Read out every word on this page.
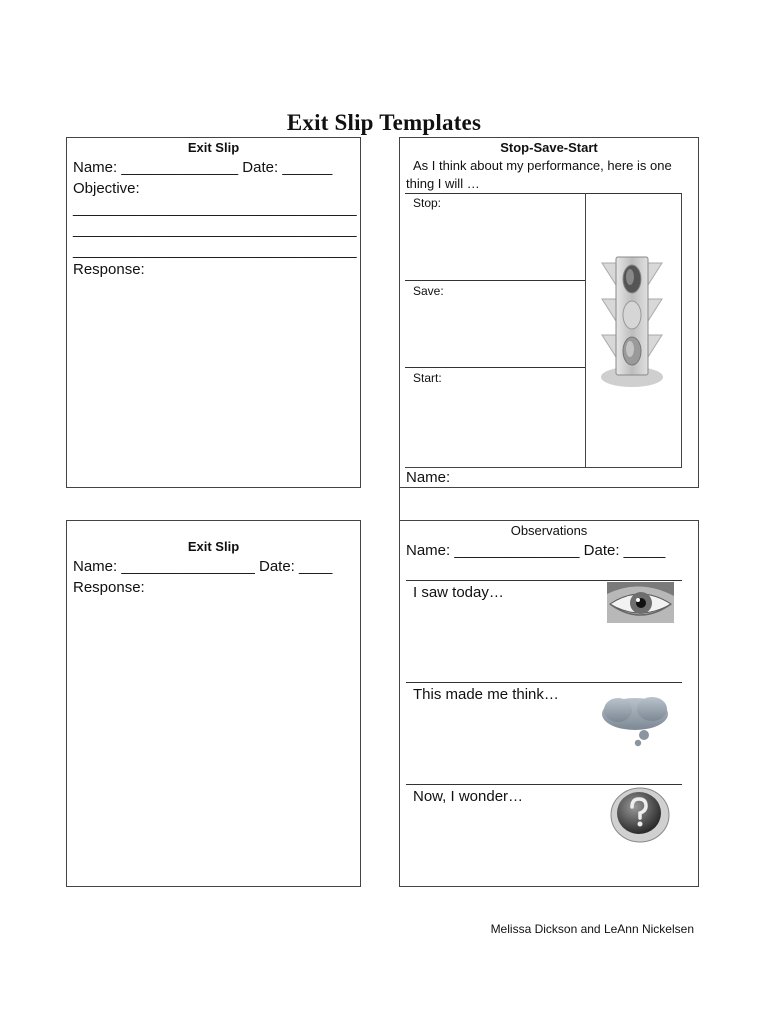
Exit Slip Templates
Exit Slip
Name: ______________ Date: ______
Objective:
__________________________________
__________________________________
__________________________________
Response:
Stop-Save-Start
As I think about my performance, here is one
thing I will …
Stop:
Save:
Start:
Name:
Exit Slip
Name: ________________ Date: ____
Response:
Observations
Name: _______________ Date: _____
I saw today…
This made me think…
Now, I wonder…
Melissa Dickson and LeAnn Nickelsen
